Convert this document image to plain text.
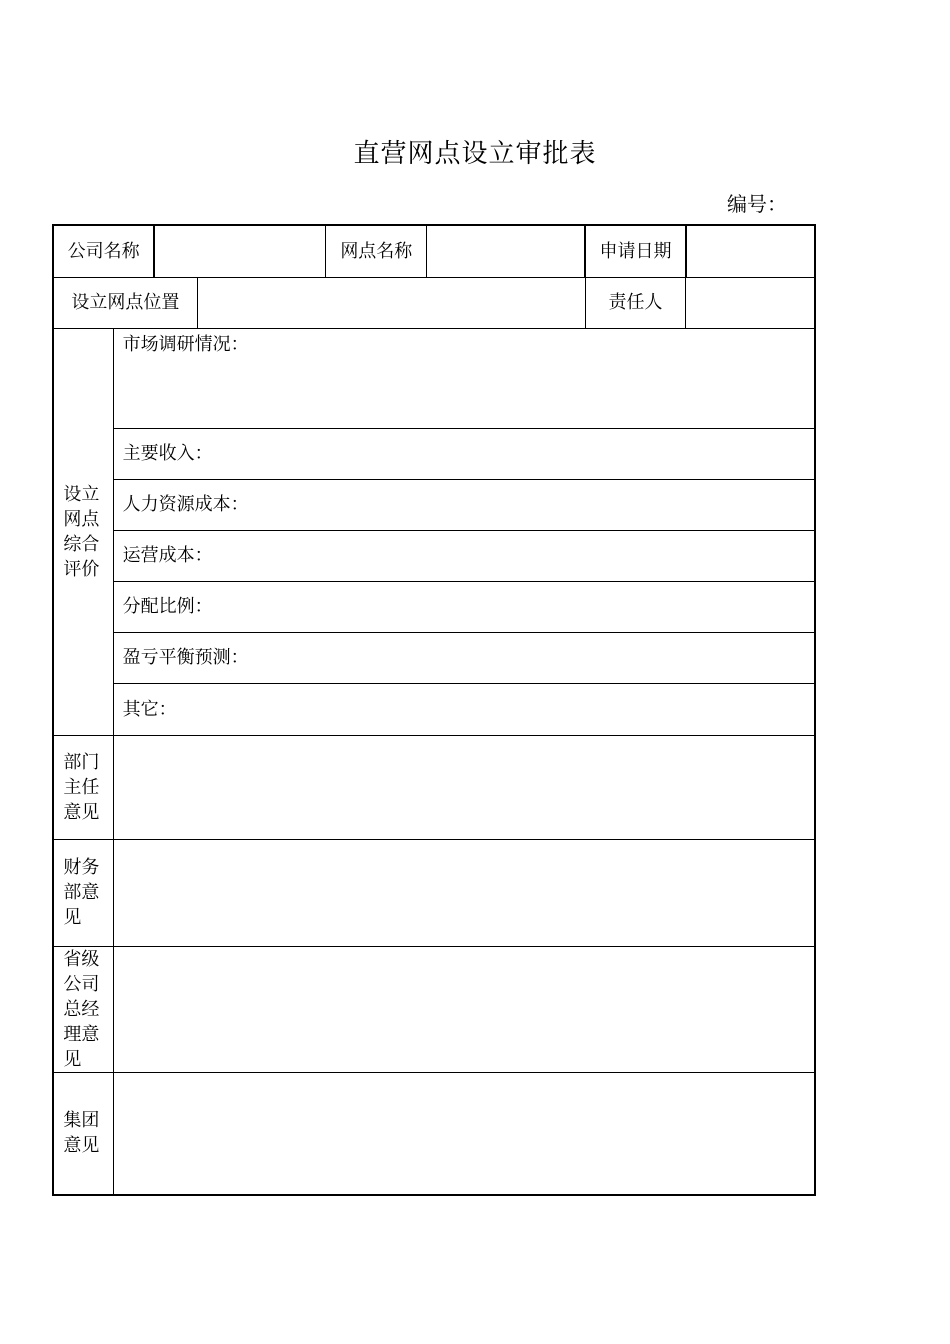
直营网点设立审批表
编号：
公司名称				网点名称		申请日期	
设立网点位置						责任人	

设立网点综合评价	市场调研情况：						
	主要收入：						
	人力资源成本：						
	运营成本：						
	分配比例：						
	盈亏平衡预测：						
	其它：						

部门主任意见							

财务部意见							

省级公司总经理意见							

集团意见							
